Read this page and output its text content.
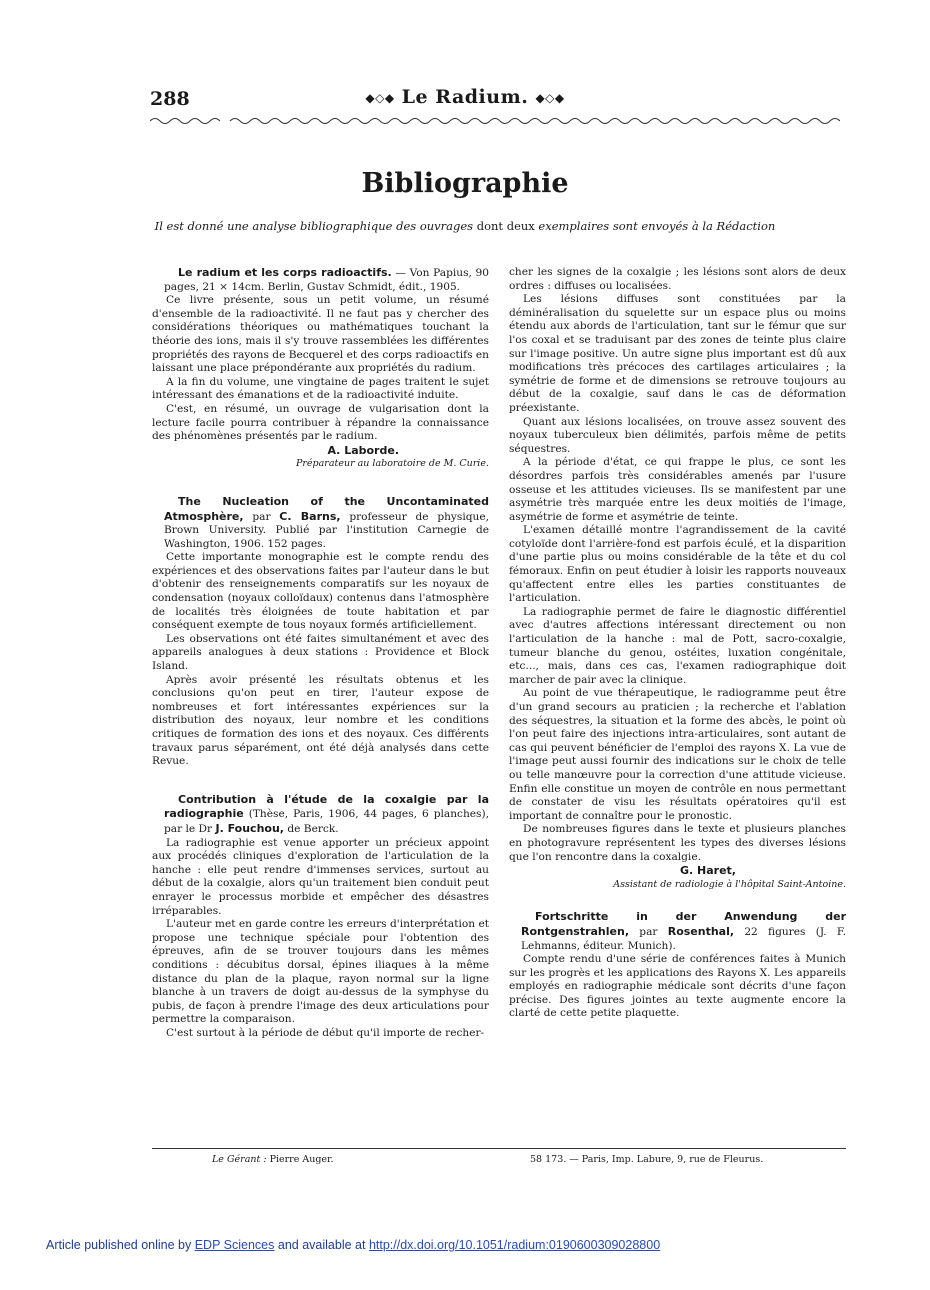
288	◆◇◆ Le Radium. ◆◇◆
Bibliographie
Il est donné une analyse bibliographique des ouvrages dont deux exemplaires sont envoyés à la Rédaction

Le radium et les corps radioactifs. — Von Papius, 90 pages, 21 × 14cm. Berlin, Gustav Schmidt, édit., 1905.

Ce livre présente, sous un petit volume, un résumé d'ensemble de la radioactivité. Il ne faut pas y chercher des considérations théoriques ou mathématiques touchant la théorie des ions, mais il s'y trouve rassemblées les différentes propriétés des rayons de Becquerel et des corps radioactifs en laissant une place prépondérante aux propriétés du radium.

A la fin du volume, une vingtaine de pages traitent le sujet intéressant des émanations et de la radioactivité induite.

C'est, en résumé, un ouvrage de vulgarisation dont la lecture facile pourra contribuer à répandre la connaissance des phénomènes présentés par le radium.

A. Laborde.

Préparateur au laboratoire de M. Curie.

The Nucleation of the Uncontaminated Atmosphère, par C. Barns, professeur de physique, Brown University. Publié par l'institution Carnegie de Washington, 1906. 152 pages.

Cette importante monographie est le compte rendu des expériences et des observations faites par l'auteur dans le but d'obtenir des renseignements comparatifs sur les noyaux de condensation (noyaux colloïdaux) contenus dans l'atmosphère de localités très éloignées de toute habitation et par conséquent exempte de tous noyaux formés artificiellement.

Les observations ont été faites simultanément et avec des appareils analogues à deux stations : Providence et Block Island.

Après avoir présenté les résultats obtenus et les conclusions qu'on peut en tirer, l'auteur expose de nombreuses et fort intéressantes expériences sur la distribution des noyaux, leur nombre et les conditions critiques de formation des ions et des noyaux. Ces différents travaux parus séparément, ont été déjà analysés dans cette Revue.

Contribution à l'étude de la coxalgie par la radiographie (Thèse, Paris, 1906, 44 pages, 6 planches), par le Dr J. Fouchou, de Berck.

La radiographie est venue apporter un précieux appoint aux procédés cliniques d'exploration de l'articulation de la hanche : elle peut rendre d'immenses services, surtout au début de la coxalgie, alors qu'un traitement bien conduit peut enrayer le processus morbide et empêcher des désastres irréparables.

L'auteur met en garde contre les erreurs d'interprétation et propose une technique spéciale pour l'obtention des épreuves, afin de se trouver toujours dans les mêmes conditions : décubitus dorsal, épines iliaques à la même distance du plan de la plaque, rayon normal sur la ligne blanche à un travers de doigt au-dessus de la symphyse du pubis, de façon à prendre l'image des deux articulations pour permettre la comparaison.

C'est surtout à la période de début qu'il importe de recher-

cher les signes de la coxalgie ; les lésions sont alors de deux ordres : diffuses ou localisées.

Les lésions diffuses sont constituées par la déminéralisation du squelette sur un espace plus ou moins étendu aux abords de l'articulation, tant sur le fémur que sur l'os coxal et se traduisant par des zones de teinte plus claire sur l'image positive. Un autre signe plus important est dû aux modifications très précoces des cartilages articulaires ; la symétrie de forme et de dimensions se retrouve toujours au début de la coxalgie, sauf dans le cas de déformation préexistante.

Quant aux lésions localisées, on trouve assez souvent des noyaux tuberculeux bien délimités, parfois même de petits séquestres.

A la période d'état, ce qui frappe le plus, ce sont les désordres parfois très considérables amenés par l'usure osseuse et les attitudes vicieuses. Ils se manifestent par une asymétrie très marquée entre les deux moitiés de l'image, asymétrie de forme et asymétrie de teinte.

L'examen détaillé montre l'agrandissement de la cavité cotyloïde dont l'arrière-fond est parfois éculé, et la disparition d'une partie plus ou moins considérable de la tête et du col fémoraux. Enfin on peut étudier à loisir les rapports nouveaux qu'affectent entre elles les parties constituantes de l'articulation.

La radiographie permet de faire le diagnostic différentiel avec d'autres affections intéressant directement ou non l'articulation de la hanche : mal de Pott, sacro-coxalgie, tumeur blanche du genou, ostéites, luxation congénitale, etc..., mais, dans ces cas, l'examen radiographique doit marcher de pair avec la clinique.

Au point de vue thérapeutique, le radiogramme peut être d'un grand secours au praticien ; la recherche et l'ablation des séquestres, la situation et la forme des abcès, le point où l'on peut faire des injections intra-articulaires, sont autant de cas qui peuvent bénéficier de l'emploi des rayons X. La vue de l'image peut aussi fournir des indications sur le choix de telle ou telle manœuvre pour la correction d'une attitude vicieuse. Enfin elle constitue un moyen de contrôle en nous permettant de constater de visu les résultats opératoires qu'il est important de connaître pour le pronostic.

De nombreuses figures dans le texte et plusieurs planches en photogravure représentent les types des diverses lésions que l'on rencontre dans la coxalgie.

G. Haret,

Assistant de radiologie à l'hôpital Saint-Antoine.

Fortschritte in der Anwendung der Rontgenstrahlen, par Rosenthal, 22 figures (J. F. Lehmanns, éditeur. Munich).

Compte rendu d'une série de conférences faites à Munich sur les progrès et les applications des Rayons X. Les appareils employés en radiographie médicale sont décrits d'une façon précise. Des figures jointes au texte augmente encore la clarté de cette petite plaquette.

Le Gérant : Pierre Auger.	58 173. — Paris, Imp. Labure, 9, rue de Fleurus.
Article published online by EDP Sciences and available at http://dx.doi.org/10.1051/radium:0190600309028800
